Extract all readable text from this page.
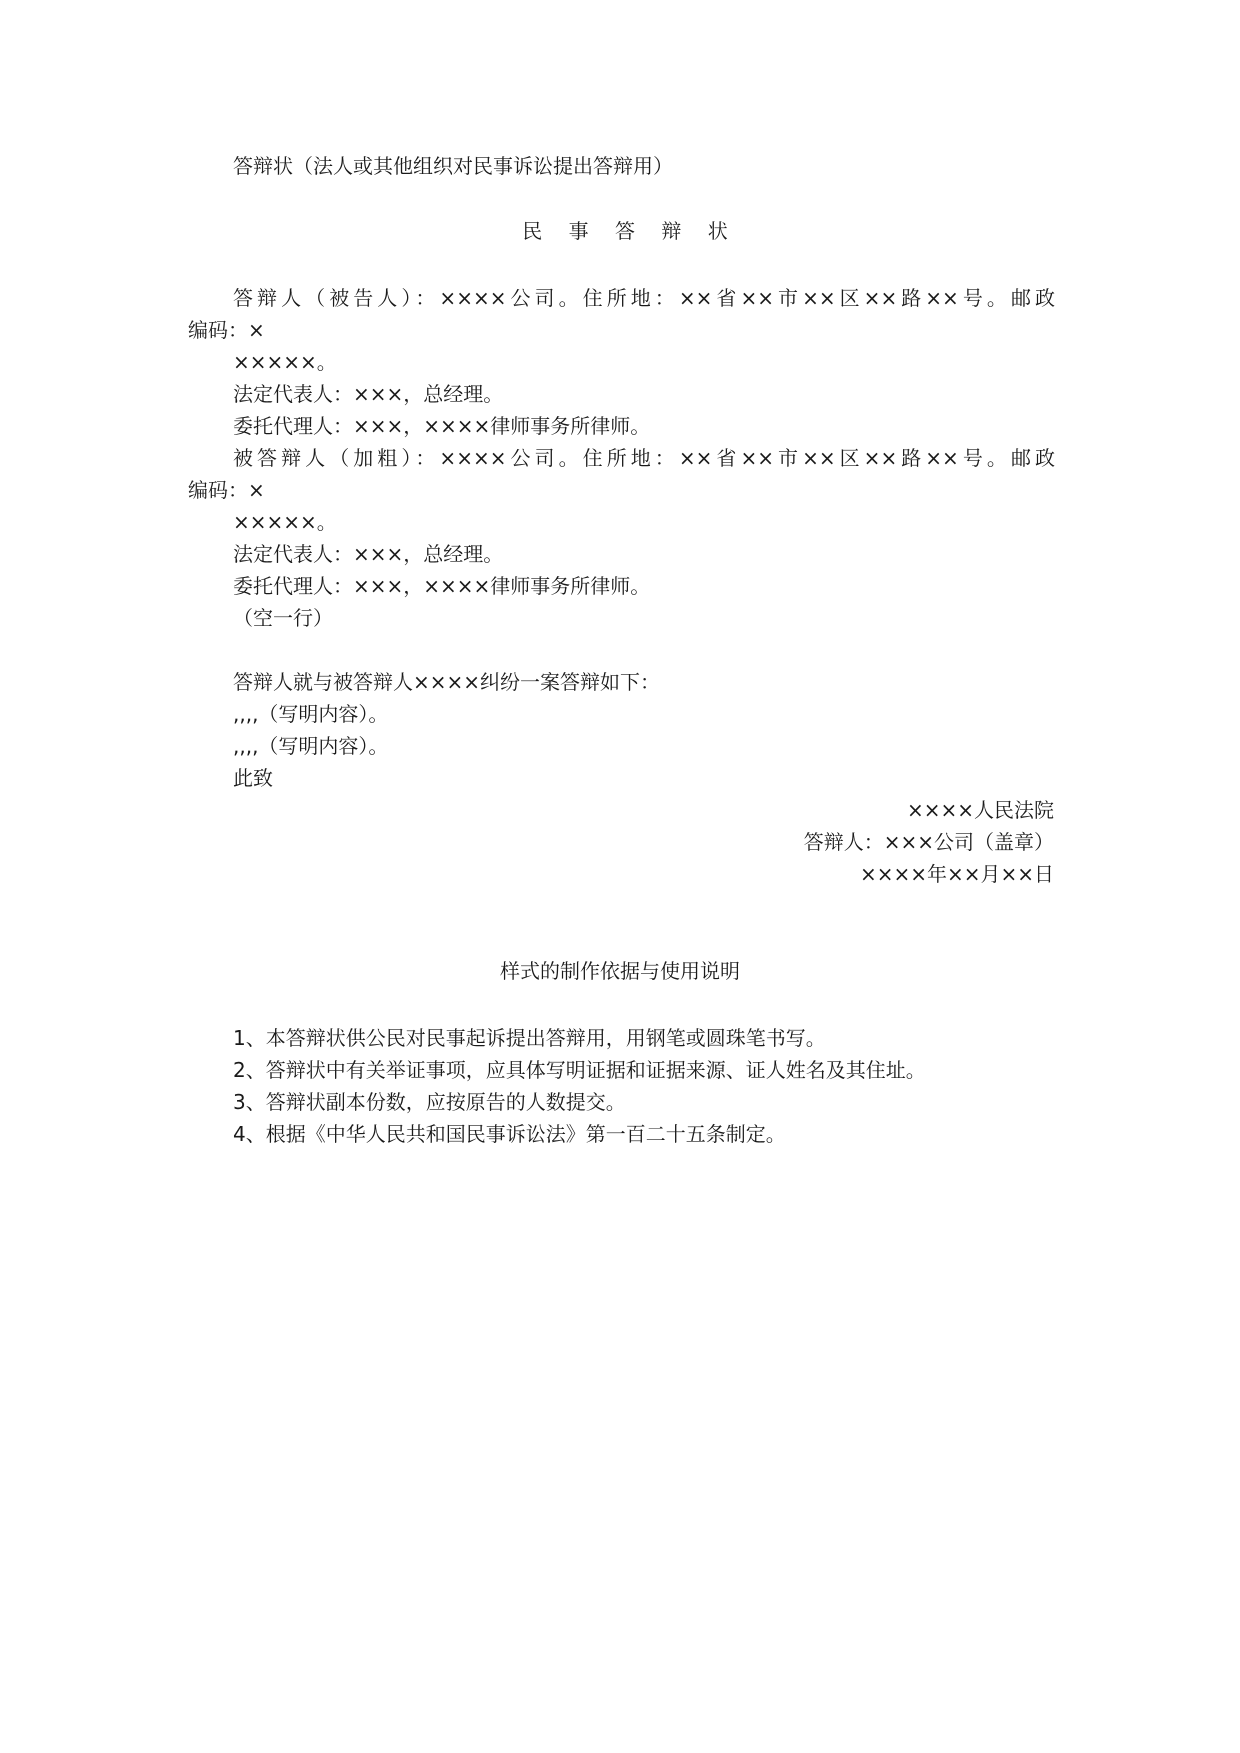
答辩状（法人或其他组织对民事诉讼提出答辩用）
民 事 答 辩 状
答辩人（被告人）：××××公司。住所地：××省××市××区××路××号。邮政
编码：×
×××××。
法定代表人：×××，总经理。
委托代理人：×××，××××律师事务所律师。
被答辩人（加粗）：××××公司。住所地：××省××市××区××路××号。邮政
编码：×
×××××。
法定代表人：×××，总经理。
委托代理人：×××，××××律师事务所律师。
（空一行）
答辩人就与被答辩人××××纠纷一案答辩如下：
,,,,（写明内容）。
,,,,（写明内容）。
此致
××××人民法院
答辩人：×××公司（盖章）
××××年××月××日
样式的制作依据与使用说明
1、本答辩状供公民对民事起诉提出答辩用，用钢笔或圆珠笔书写。
2、答辩状中有关举证事项，应具体写明证据和证据来源、证人姓名及其住址。
3、答辩状副本份数，应按原告的人数提交。
4、根据《中华人民共和国民事诉讼法》第一百二十五条制定。
